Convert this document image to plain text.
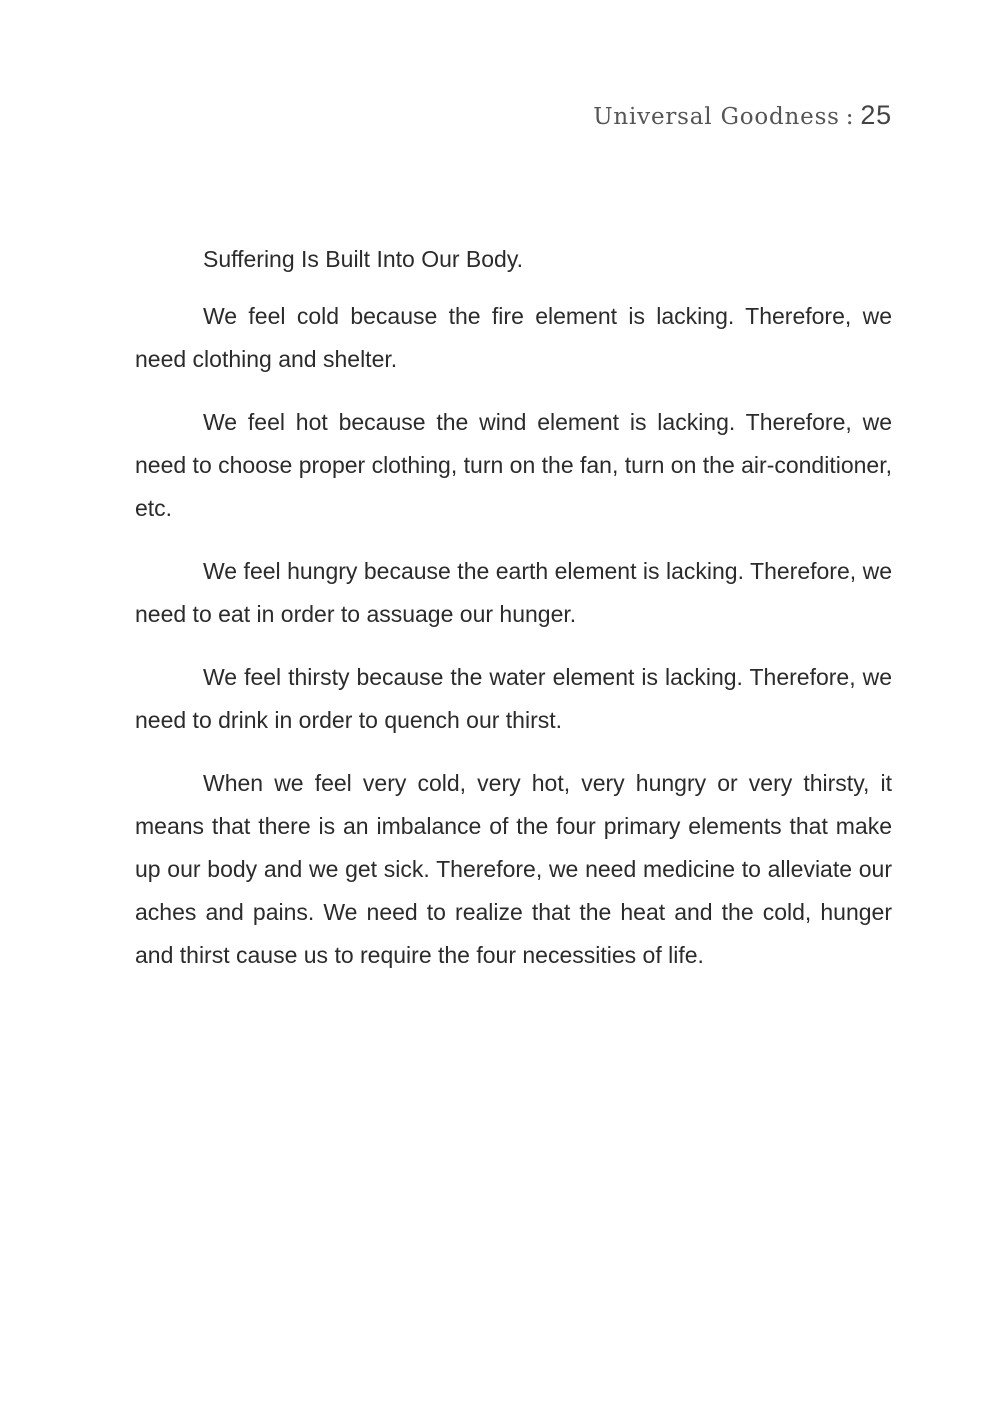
Universal Goodness : 25

Suffering Is Built Into Our Body.

We feel cold because the fire element is lacking. Therefore, we need clothing and shelter.

We feel hot because the wind element is lacking. Therefore, we need to choose proper clothing, turn on the fan, turn on the air-conditioner, etc.

We feel hungry because the earth element is lacking. Therefore, we need to eat in order to assuage our hunger.

We feel thirsty because the water element is lacking. Therefore, we need to drink in order to quench our thirst.

When we feel very cold, very hot, very hungry or very thirsty, it means that there is an imbalance of the four primary elements that make up our body and we get sick. Therefore, we need medicine to alleviate our aches and pains. We need to realize that the heat and the cold, hunger and thirst cause us to require the four necessities of life.
